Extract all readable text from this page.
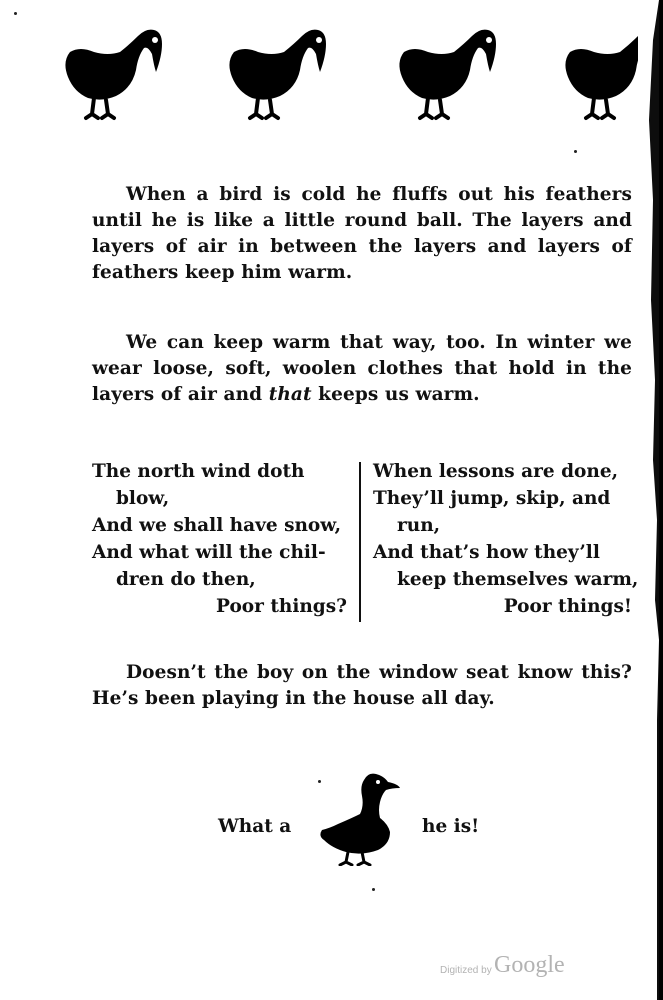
When a bird is cold he fluffs out his feathers until he is like a little round ball. The layers and layers of air in between the layers and layers of feathers keep him warm.

We can keep warm that way, too. In winter we wear loose, soft, woolen clothes that hold in the layers of air and that keeps us warm.

The north wind doth
blow,
And we shall have snow,
And what will the chil-
dren do then,
Poor things?
When lessons are done,
They’ll jump, skip, and
run,
And that’s how they’ll
keep themselves warm,
Poor things!

Doesn’t the boy on the window seat know this? He’s been playing in the house all day.

What a	he is!
Digitized by Google
